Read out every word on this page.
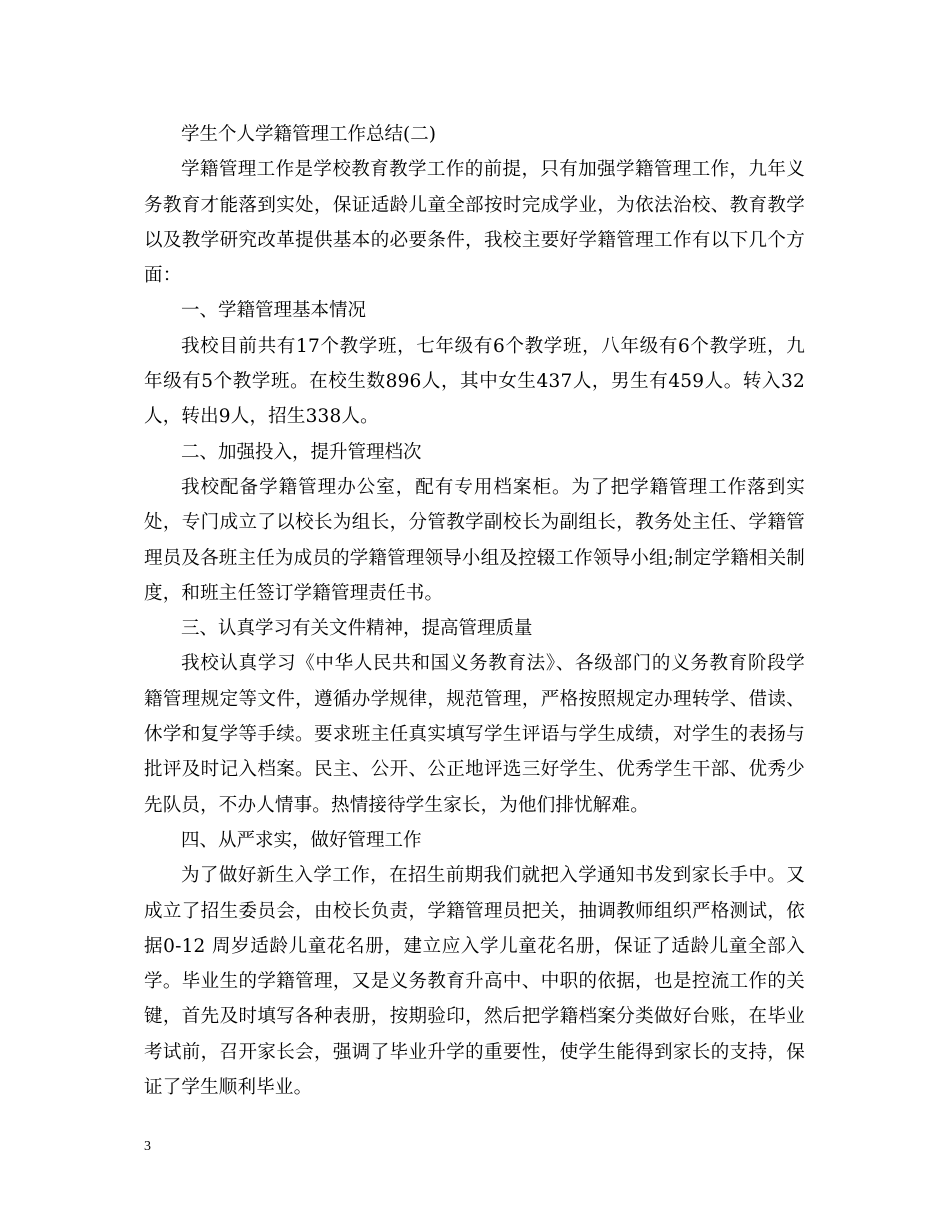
学生个人学籍管理工作总结(二)

学籍管理工作是学校教育教学工作的前提，只有加强学籍管理工作，九年义务教育才能落到实处，保证适龄儿童全部按时完成学业，为依法治校、教育教学以及教学研究改革提供基本的必要条件，我校主要好学籍管理工作有以下几个方面：

一、学籍管理基本情况

我校目前共有17个教学班，七年级有6个教学班，八年级有6个教学班，九年级有5个教学班。在校生数896人，其中女生437人，男生有459人。转入32人，转出9人，招生338人。

二、加强投入，提升管理档次

我校配备学籍管理办公室，配有专用档案柜。为了把学籍管理工作落到实处，专门成立了以校长为组长，分管教学副校长为副组长，教务处主任、学籍管理员及各班主任为成员的学籍管理领导小组及控辍工作领导小组;制定学籍相关制度，和班主任签订学籍管理责任书。

三、认真学习有关文件精神，提高管理质量

我校认真学习《中华人民共和国义务教育法》、各级部门的义务教育阶段学籍管理规定等文件，遵循办学规律，规范管理，严格按照规定办理转学、借读、休学和复学等手续。要求班主任真实填写学生评语与学生成绩，对学生的表扬与批评及时记入档案。民主、公开、公正地评选三好学生、优秀学生干部、优秀少先队员，不办人情事。热情接待学生家长，为他们排忧解难。

四、从严求实，做好管理工作

为了做好新生入学工作，在招生前期我们就把入学通知书发到家长手中。又成立了招生委员会，由校长负责，学籍管理员把关，抽调教师组织严格测试，依据0-12 周岁适龄儿童花名册，建立应入学儿童花名册，保证了适龄儿童全部入学。毕业生的学籍管理，又是义务教育升高中、中职的依据，也是控流工作的关键，首先及时填写各种表册，按期验印，然后把学籍档案分类做好台账，在毕业考试前，召开家长会，强调了毕业升学的重要性，使学生能得到家长的支持，保证了学生顺利毕业。

3
